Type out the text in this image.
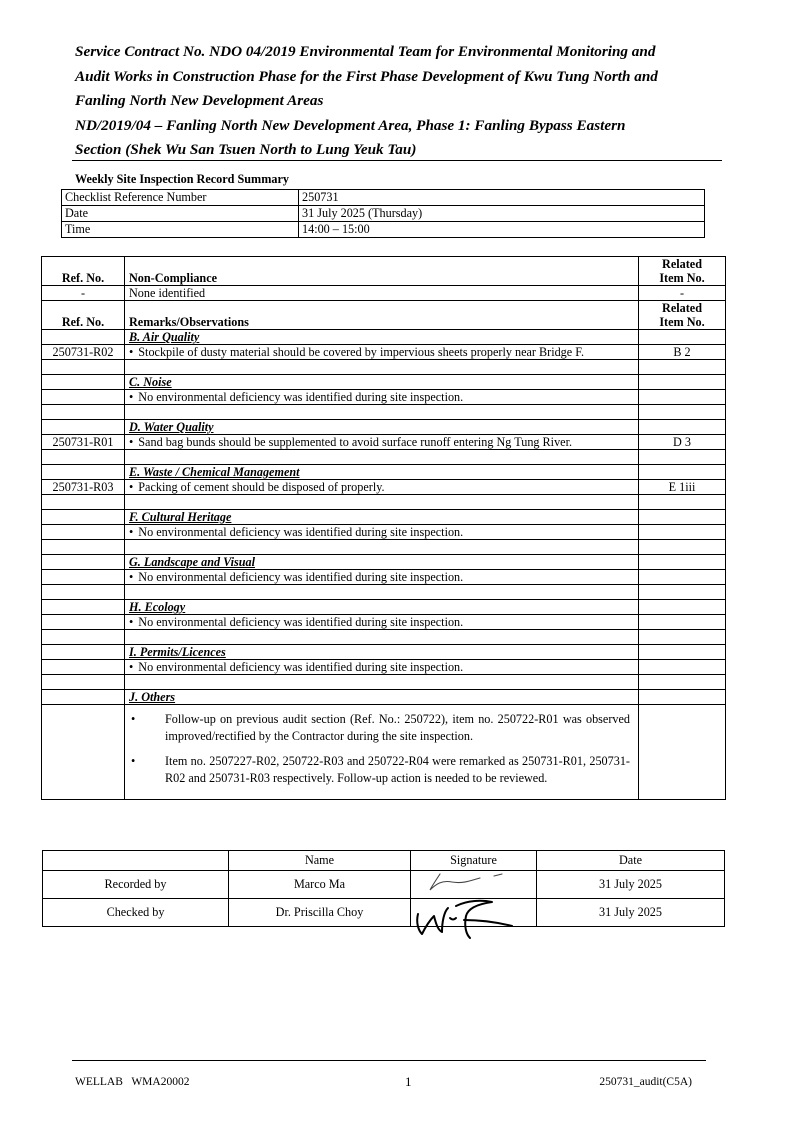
Service Contract No. NDO 04/2019 Environmental Team for Environmental Monitoring and

Audit Works in Construction Phase for the First Phase Development of Kwu Tung North and

Fanling North New Development Areas

ND/2019/04 – Fanling North New Development Area, Phase 1: Fanling Bypass Eastern

Section (Shek Wu San Tsuen North to Lung Yeuk Tau)

Weekly Site Inspection Record Summary
Checklist Reference Number	250731
Date	31 July 2025 (Thursday)
Time	14:00 – 15:00
Ref. No.	Non-Compliance	Related
Item No.
-	None identified	-
Ref. No.	Remarks/Observations	Related
Item No.
	B. Air Quality	
250731-R02	• Stockpile of dusty material should be covered by impervious sheets properly near Bridge F.	B 2

	C. Noise	
	• No environmental deficiency was identified during site inspection.	

	D. Water Quality	
250731-R01	• Sand bag bunds should be supplemented to avoid surface runoff entering Ng Tung River.	D 3

	E. Waste / Chemical Management	
250731-R03	• Packing of cement should be disposed of properly.	E 1iii

	F. Cultural Heritage	
	• No environmental deficiency was identified during site inspection.	

	G. Landscape and Visual	
	• No environmental deficiency was identified during site inspection.	

	H. Ecology	
	• No environmental deficiency was identified during site inspection.	

	I. Permits/Licences	
	• No environmental deficiency was identified during site inspection.	

	J. Others	

	• Follow-up on previous audit section (Ref. No.: 250722), item no. 250722-R01 was observed improved/rectified by the Contractor during the site inspection.
• Item no. 2507227-R02, 250722-R03 and 250722-R04 were remarked as 250731-R01, 250731-R02 and 250731-R03 respectively. Follow-up action is needed to be reviewed.	

	Name	Signature	Date
Recorded by	Marco Ma		31 July 2025
Checked by	Dr. Priscilla Choy		31 July 2025
WELLAB   WMA20002	1	250731_audit(C5A)
